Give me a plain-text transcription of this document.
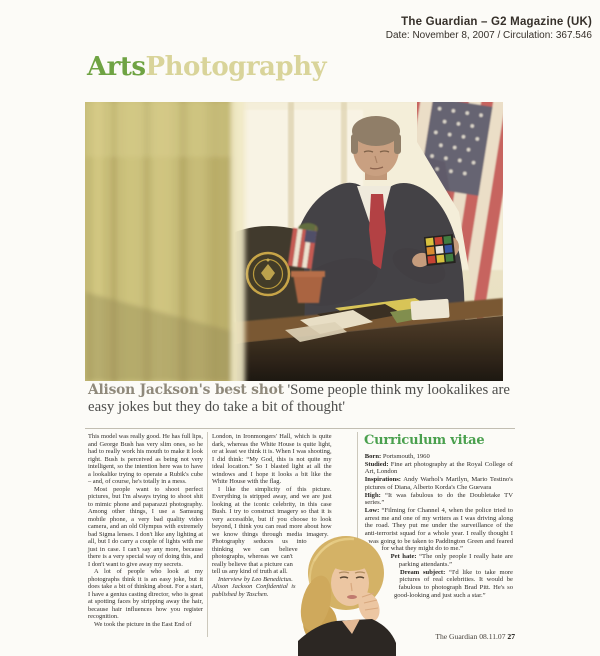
The Guardian – G2 Magazine (UK)
Date: November 8, 2007 / Circulation: 367.546
ArtsPhotography
Alison Jackson's best shot 'Some people think my lookalikes are easy jokes but they do take a bit of thought'

This model was really good. He has full lips, and George Bush has very slim ones, so he had to really work his mouth to make it look right. Bush is perceived as being not very intelligent, so the intention here was to have a lookalike trying to operate a Rubik's cube – and, of course, he's totally in a mess.

Most people want to shoot perfect pictures, but I'm always trying to shoot shit to mimic phone and paparazzi photography. Among other things, I use a Samsung mobile phone, a very bad quality video camera, and an old Olympus with extremely bad Sigma lenses. I don't like any lighting at all, but I do carry a couple of lights with me just in case. I can't say any more, because there is a very special way of doing this, and I don't want to give away my secrets.

A lot of people who look at my photographs think it is an easy joke, but it does take a bit of thinking about. For a start, I have a genius casting director, who is great at spotting faces by stripping away the hair, because hair influences how you register recognition.

We took the picture in the East End of

London, in Ironmongers' Hall, which is quite dark, whereas the White House is quite light, or at least we think it is. When I was shooting, I did think: “My God, this is not quite my ideal location.” So I blasted light at all the windows and I hope it looks a bit like the White House with the flag.

I like the simplicity of this picture. Everything is stripped away, and we are just looking at the iconic celebrity, in this case Bush. I try to construct imagery so that it is very accessible, but if you choose to look beyond, I think you can read more about how we know things through media imagery. Photography seduces us into thinking we can believe photographs, whereas we can't really believe that a picture can tell us any kind of truth at all.

Interview by Leo Benedictus. Alison Jackson Confidential is published by Taschen.

Curriculum vitae

Born: Portsmouth, 1960

Studied: Fine art photography at the Royal College of Art, London

Inspirations: Andy Warhol's Marilyn, Mario Testino's pictures of Diana, Alberto Korda's Che Guevara

High: “It was fabulous to do the Doubletake TV series.”

Low: “Filming for Channel 4, when the police tried to arrest me and one of my writers as I was driving along the road. They put me under the surveillance of the anti-terrorist squad for a whole year. I really thought I was going to be taken to Paddington Green and feared for what they might do to me.”

Pet hate: “The only people I really hate are parking attendants.”

Dream subject: “I'd like to take more pictures of real celebrities. It would be fabulous to photograph Brad Pitt. He's so good-looking and just such a star.”

The Guardian 08.11.07 27
